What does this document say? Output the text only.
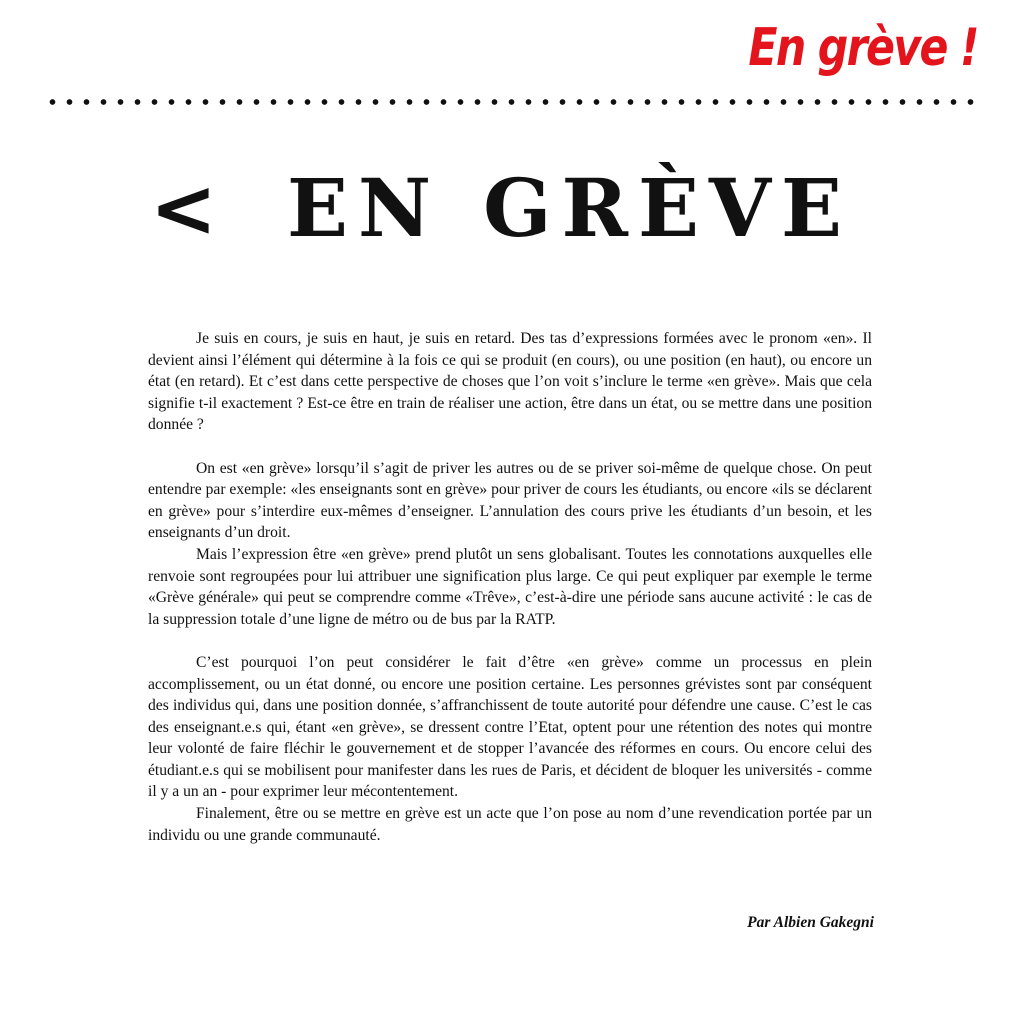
En grève !
< EN GRÈVE

Je suis en cours, je suis en haut, je suis en retard. Des tas d’expressions formées avec le pronom «en». Il devient ainsi l’élément qui détermine à la fois ce qui se produit (en cours), ou une position (en haut), ou encore un état (en retard). Et c’est dans cette perspective de choses que l’on voit s’inclure le terme «en grève». Mais que cela signifie t-il exactement ? Est-ce être en train de réaliser une action, être dans un état, ou se mettre dans une position donnée ?

On est «en grève» lorsqu’il s’agit de priver les autres ou de se priver soi-même de quelque chose. On peut entendre par exemple: «les enseignants sont en grève» pour priver de cours les étudiants, ou encore «ils se déclarent en grève» pour s’interdire eux-mêmes d’enseigner. L’annulation des cours prive les étudiants d’un besoin, et les enseignants d’un droit.

Mais l’expression être «en grève» prend plutôt un sens globalisant. Toutes les connotations auxquelles elle renvoie sont regroupées pour lui attribuer une signification plus large. Ce qui peut expliquer par exemple le terme «Grève générale» qui peut se comprendre comme «Trêve», c’est-à-dire une période sans aucune activité : le cas de la suppression totale d’une ligne de métro ou de bus par la RATP.

C’est pourquoi l’on peut considérer le fait d’être «en grève» comme un processus en plein accomplissement, ou un état donné, ou encore une position certaine. Les personnes grévistes sont par conséquent des individus qui, dans une position donnée, s’affranchissent de toute autorité pour défendre une cause. C’est le cas des enseignant.e.s qui, étant «en grève», se dressent contre l’Etat, optent pour une rétention des notes qui montre leur volonté de faire fléchir le gouvernement et de stopper l’avancée des réformes en cours. Ou encore celui des étudiant.e.s qui se mobilisent pour manifester dans les rues de Paris, et décident de bloquer les universités - comme il y a un an - pour exprimer leur mécontentement.

Finalement, être ou se mettre en grève est un acte que l’on pose au nom d’une revendication portée par un individu ou une grande communauté.

Par Albien Gakegni
